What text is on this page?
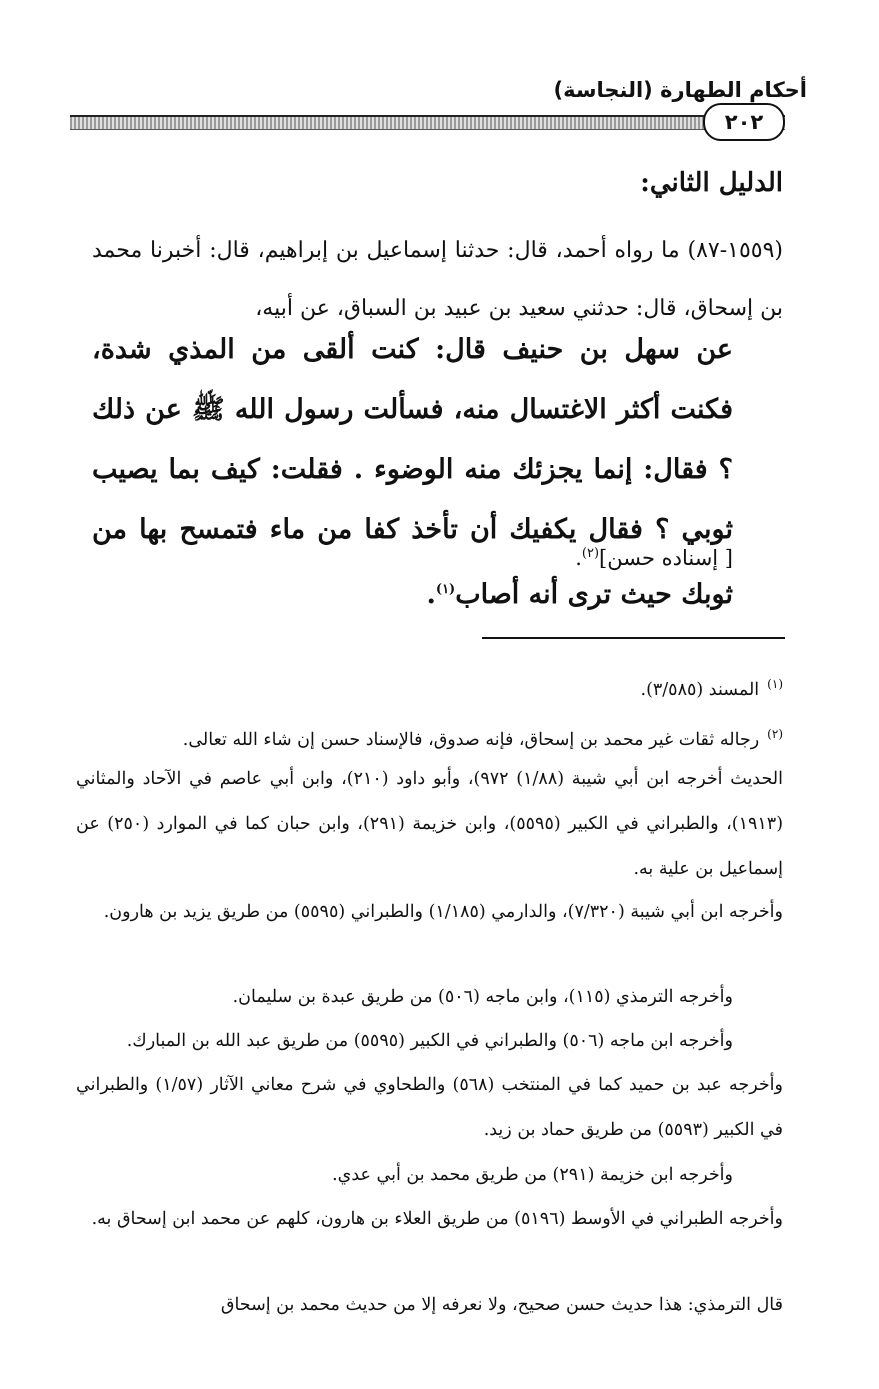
أحكام الطهارة (النجاسة)
٢٠٢
الدليل الثاني:
(١٥٥٩-٨٧) ما رواه أحمد، قال: حدثنا إسماعيل بن إبراهيم، قال: أخبرنا محمد بن إسحاق، قال: حدثني سعيد بن عبيد بن السباق، عن أبيه،
عن سهل بن حنيف قال: كنت ألقى من المذي شدة، فكنت أكثر الاغتسال منه، فسألت رسول الله ﷺ عن ذلك ؟ فقال: إنما يجزئك منه الوضوء . فقلت: كيف بما يصيب ثوبي ؟ فقال يكفيك أن تأخذ كفا من ماء فتمسح بها من ثوبك حيث ترى أنه أصاب$^{(١)}$.
[ إسناده حسن]$^{(٢)}$.
$^{(١)}$المسند (٣/٥٨٥).
$^{(٢)}$رجاله ثقات غير محمد بن إسحاق، فإنه صدوق، فالإسناد حسن إن شاء الله تعالى.
الحديث أخرجه ابن أبي شيبة (١/٨٨) ٩٧٢)، وأبو داود (٢١٠)، وابن أبي عاصم في الآحاد والمثاني (١٩١٣)، والطبراني في الكبير (٥٥٩٥)، وابن خزيمة (٢٩١)، وابن حبان كما في الموارد (٢٥٠) عن إسماعيل بن علية به.
وأخرجه ابن أبي شيبة (٧/٣٢٠)، والدارمي (١/١٨٥) والطبراني (٥٥٩٥) من طريق يزيد بن هارون.
وأخرجه الترمذي (١١٥)، وابن ماجه (٥٠٦) من طريق عبدة بن سليمان.
وأخرجه ابن ماجه (٥٠٦) والطبراني في الكبير (٥٥٩٥) من طريق عبد الله بن المبارك.
وأخرجه عبد بن حميد كما في المنتخب (٥٦٨) والطحاوي في شرح معاني الآثار (١/٥٧) والطبراني في الكبير (٥٥٩٣) من طريق حماد بن زيد.
وأخرجه ابن خزيمة (٢٩١) من طريق محمد بن أبي عدي.
وأخرجه الطبراني في الأوسط (٥١٩٦) من طريق العلاء بن هارون، كلهم عن محمد ابن إسحاق به.
قال الترمذي: هذا حديث حسن صحيح، ولا نعرفه إلا من حديث محمد بن إسحاق
